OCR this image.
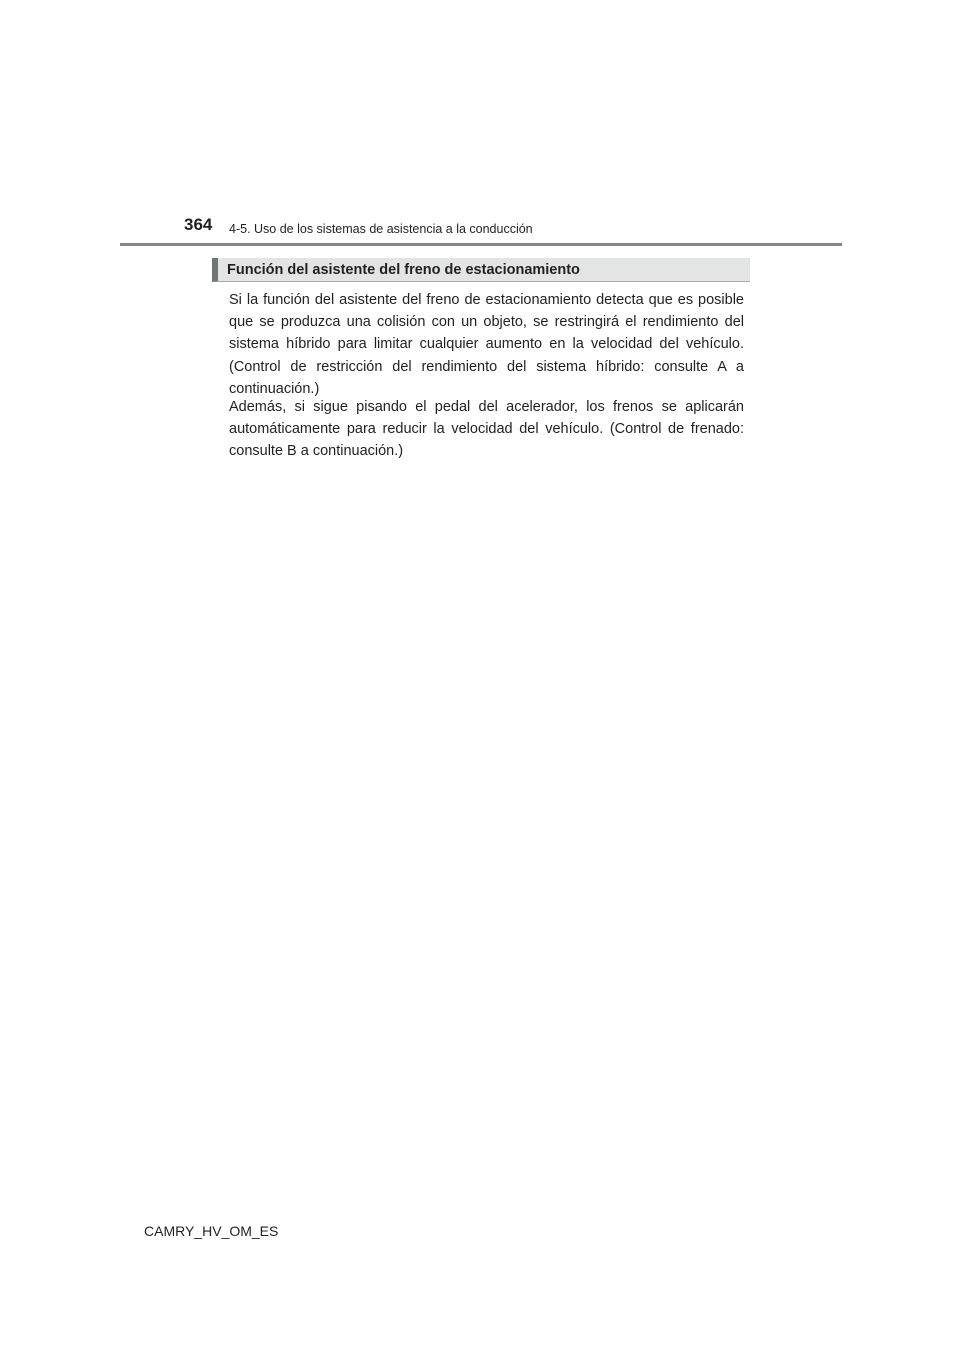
364 4-5. Uso de los sistemas de asistencia a la conducción
Función del asistente del freno de estacionamiento

Si la función del asistente del freno de estacionamiento detecta que es posible que se produzca una colisión con un objeto, se restringirá el rendimiento del sistema híbrido para limitar cualquier aumento en la velocidad del vehículo. (Control de restricción del rendimiento del sistema híbrido: consulte A a continuación.)

Además, si sigue pisando el pedal del acelerador, los frenos se aplicarán automáticamente para reducir la velocidad del vehículo. (Control de frenado: consulte B a continuación.)

CAMRY_HV_OM_ES
